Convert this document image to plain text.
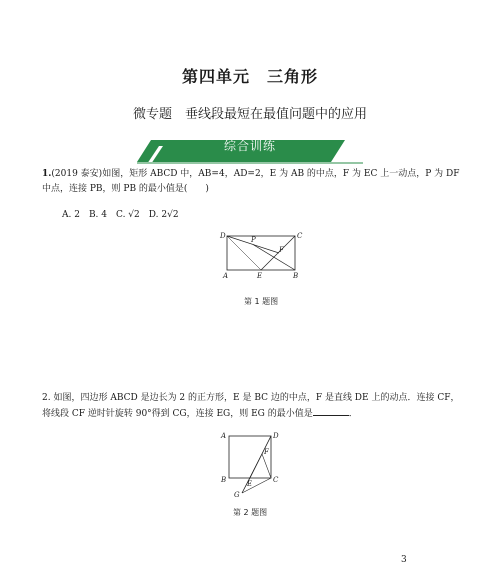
第四单元　三角形
微专题　垂线段最短在最值问题中的应用
综合训练
1.(2019 泰安)如图，矩形 ABCD 中，AB=4，AD=2，E 为 AB 的中点，F 为 EC 上一动点，P 为 DF 中点，连接 PB，则 PB 的最小值是(　　)
A. 2　B. 4　C. √2　D. 2√2
D	C
A	E	B
P
F
第 1 题图
2. 如图，四边形 ABCD 是边长为 2 的正方形，E 是 BC 边的中点，F 是直线 DE 上的动点．连接 CF，将线段 CF 逆时针旋转 90°得到 CG，连接 EG，则 EG 的最小值是	．
A	D
F
B	E	C
G
第 2 题图
3
